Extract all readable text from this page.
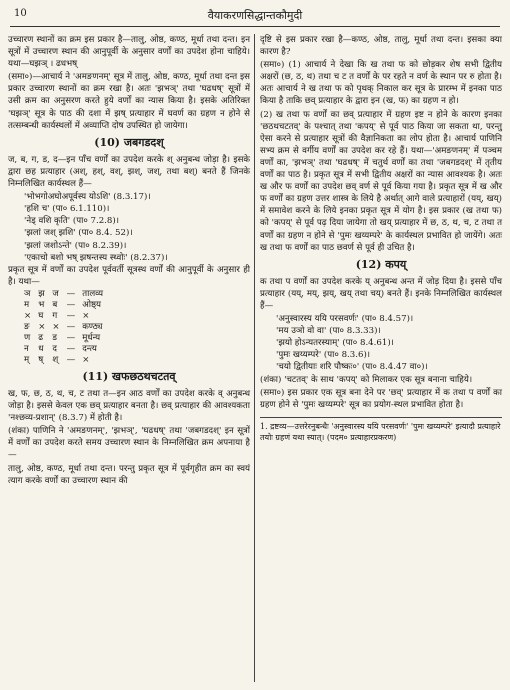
10	वैयाकरणसिद्धान्तकौमुदी

उच्चारण स्थानों का क्रम इस प्रकार है—तालु, ओष्ठ, कण्ठ, मूर्धा तथा दन्त। इन सूत्रों में उच्चारण स्थान की आनुपूर्वी के अनुसार वर्णों का उपदेश होना चाहिये। यथा—घझञ् । ढधभष्

(समा०)—आचार्य ने 'अमङणनम्' सूत्र में तालु, ओष्ठ, कण्ठ, मूर्धा तथा दन्त इस प्रकार उच्चारण स्थानों का क्रम रखा है। अतः 'झभञ्' तथा 'घढधष्' सूत्रों में उसी क्रम का अनुसरण करते हुये वर्णों का न्यास किया है। इसके अतिरिक्त 'घझञ्' सूत्र के पाठ की दशा में झष् प्रत्याहार में घवर्ण का ग्रहण न होने से तत्सम्बन्धी कार्यस्थलों में अव्याप्ति दोष उपस्थित हो जायेगा।

(10) जबगडदश्

ज, ब, ग, ड, द—इन पाँच वर्णों का उपदेश करके श् अनुबन्ध जोड़ा है। इसके द्वारा छह प्रत्याहार (अश्, हश्, वश्, झश्, जश्, तथा बश्) बनते हैं जिनके निम्नलिखित कार्यस्थल हैं—

'भोभगोअघोअपूर्वस्य योऽशि' (8.3.17)।

'हशि च' (पा० 6.1.110)।

'नेड् वशि कृति' (पा० 7.2.8)।

'झलां जश् झशि' (पा० 8.4. 52)।

'झलां जशोऽन्ते' (पा० 8.2.39)।

'एकाचो बशो भष् झषन्तस्य स्ध्वोः' (8.2.37)।

प्रकृत सूत्र में वर्णों का उपदेश पूर्ववर्ती सूत्रस्थ वर्णों की आनुपूर्वी के अनुसार ही है। यथा—

ञ	झ	ज	—	तालव्य
म	भ	ब	—	ओष्ठ्य
×	घ	ग	—	×
ङ	×	×	—	कण्ठ्य
ण	ढ	ड	—	मूर्धन्य
न	ध	द	—	दन्त्य
म्	ष्	श्	—	×
(11) खफछठथचटतव्

ख, फ, छ, ठ, थ, च, ट तथा त—इन आठ वर्णों का उपदेश करके व् अनुबन्ध जोड़ा है। इससे केवल एक छव् प्रत्याहार बनता है। छव् प्रत्याहार की आवश्यकता 'नश्छव्य-प्रशान्' (8.3.7) में होती है।

(शंका) पाणिनि ने 'अमङणनम्', 'झभञ्', 'घढधष्' तथा 'जबगडदश्' इन सूत्रों में वर्णों का उपदेश करते समय उच्चारण स्थान के निम्नलिखित क्रम अपनाया है—

तालु, ओष्ठ, कण्ठ, मूर्धा तथा दन्त। परन्तु प्रकृत सूत्र में पूर्वगृहीत क्रम का स्वयं त्याग करके वर्णों का उच्चारण स्थान की

दृष्टि से इस प्रकार रखा है—कण्ठ, ओष्ठ, तालु, मूर्धा तथा दन्त। इसका क्या कारण है?

(समा०) (1) आचार्य ने देखा कि ख तथा फ को छोड़कर शेष सभी द्वितीय अक्षरों (छ, ठ, थ) तथा च ट त वर्णों के पर रहते न वर्ण के स्थान पर रु होता है। अतः आचार्य ने ख तथा फ को पृथक् निकाल कर सूत्र के प्रारम्भ में इनका पाठ किया है ताकि छव् प्रत्याहार के द्वारा इन (ख, फ) का ग्रहण न हो।

(2) ख तथा फ वर्णों का छव् प्रत्याहार में ग्रहण इष्ट न होने के कारण इनका 'छठथचटतव्' के पश्चात् तथा 'कपय्' से पूर्व पाठ किया जा सकता था, परन्तु ऐसा करने से प्रत्याहार सूत्रों की वैज्ञानिकता का लोप होता है। आचार्य पाणिनि सभ्य क्रम से वर्गीय वर्णों का उपदेश कर रहे हैं। यथा—'अमङणनम्' में पञ्चम वर्णों का, 'झभञ्' तथा 'घढधष्' में चतुर्थ वर्णों का तथा 'जबगडदश्' में तृतीय वर्णों का पाठ है। प्रकृत सूत्र में सभी द्वितीय अक्षरों का न्यास आवश्यक है। अतः ख और फ वर्णों का उपदेश छव् वर्ण से पूर्व किया गया है। प्रकृत सूत्र में ख और फ वर्णों का ग्रहण उत्तर शास्त्र के लिये है अर्थात् आगे वाले प्रत्याहारों (यय्, खय्) में समावेश करने के लिये इनका प्रकृत सूत्र में योग है। इस प्रकार (ख तथा फ) को 'कपय्' से पूर्व पढ़ दिया जायेगा तो खय् प्रत्याहार में छ, ठ, थ, च, ट तथा त वर्णों का ग्रहण न होने से 'पुमः खय्यम्परे' के कार्यस्थल प्रभावित हो जायेंगे। अतः ख तथा फ वर्णों का पाठ छवर्ण से पूर्व ही उचित है।

(12) कपय्

क तथा प वर्णों का उपदेश करके य् अनुबन्ध अन्त में जोड़ दिया है। इससे पाँच प्रत्याहार (यय्, मय्, झय्, खय् तथा चय्) बनते हैं। इनके निम्नलिखित कार्यस्थल हैं—

'अनुस्वारस्य ययि परसवर्णः' (पा० 8.4.57)।

'मय उञो वो वा' (पा० 8.3.33)।

'झयो होऽन्यतरस्याम्' (पा० 8.4.61)।

'पुमः खय्यम्परे' (पा० 8.3.6)।

'चयो द्वितीयाः शरि पौष्कः०' (पा० 8.4.47 वा०)।

(शंका) 'चटतव्' के साथ 'कपय्' को मिलाकर एक सूत्र बनाना चाहिये।

(समा०) इस प्रकार एक सूत्र बना देने पर 'छव्' प्रत्याहार में क तथा प वर्णों का ग्रहण होने से 'पुमः खय्यम्परे' सूत्र का प्रयोग-स्थल प्रभावित होता है।

1. द्रष्टव्य—उत्तरेरनुबन्धैः 'अनुस्वारस्य ययि परसवर्णः' 'पुमः खय्यम्परे' इत्यादौ प्रत्याहारे तयोः ग्रहणं यथा स्यात्। (पदम० प्रत्याहारप्रकरण)
